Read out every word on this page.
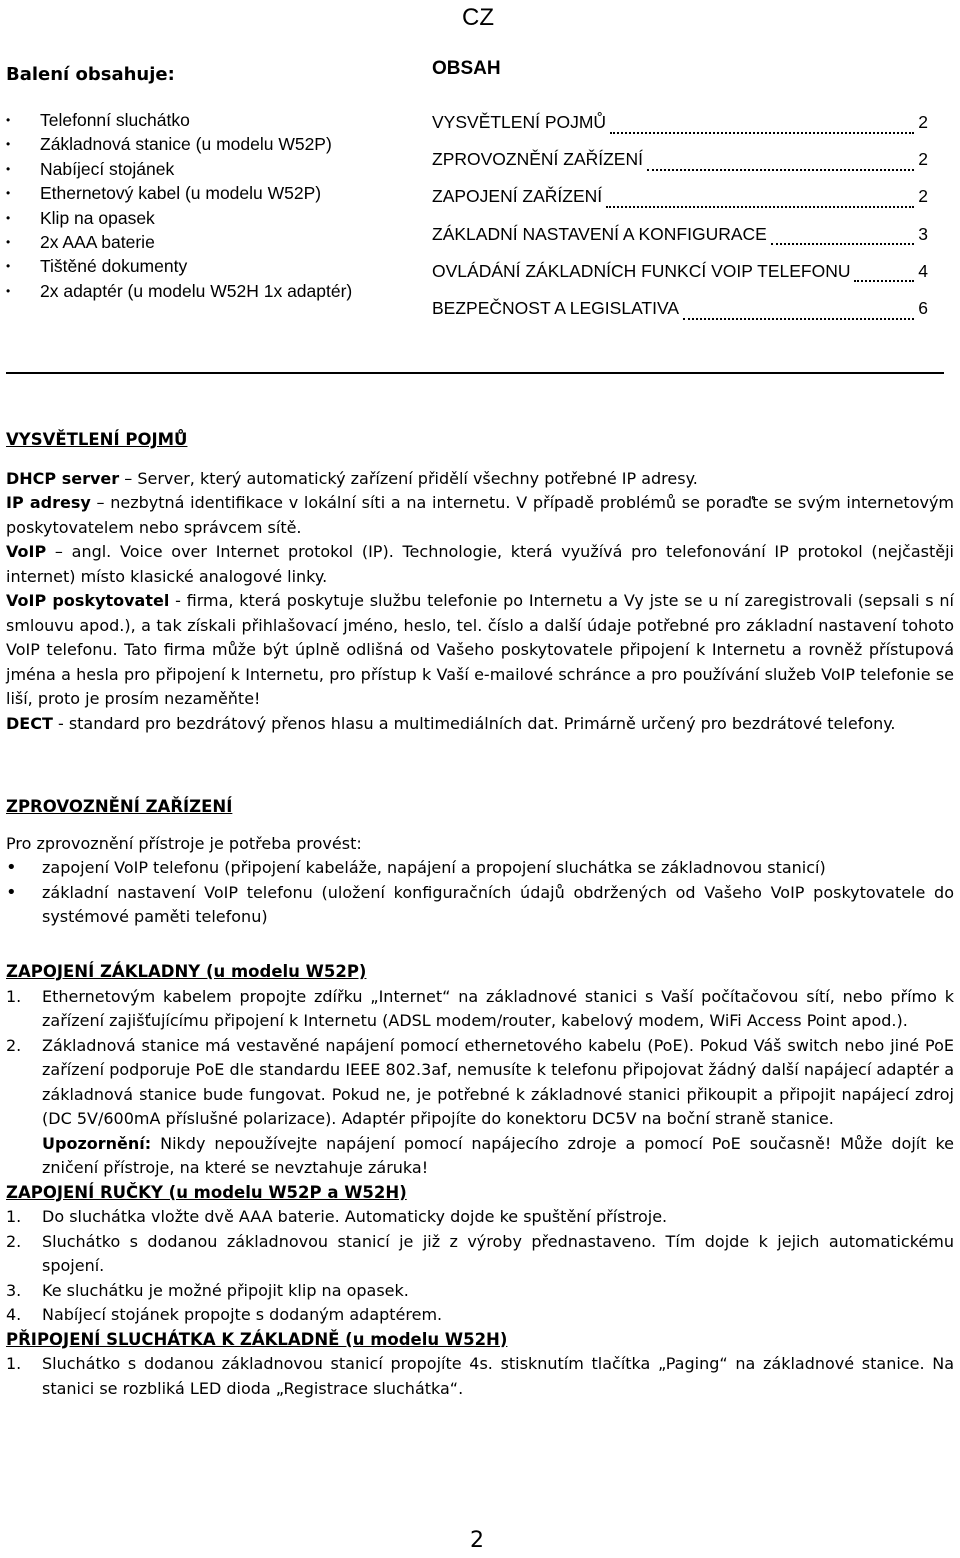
CZ
Balení obsahuje:
• Telefonní sluchátko
• Základnová stanice (u modelu W52P)
• Nabíjecí stojánek
• Ethernetový kabel (u modelu W52P)
• Klip na opasek
• 2x AAA baterie
• Tištěné dokumenty
• 2x adaptér (u modelu W52H 1x adaptér)
OBSAH
VYSVĚTLENÍ POJMŮ	2
ZPROVOZNĚNÍ ZAŘÍZENÍ	2
ZAPOJENÍ ZAŘÍZENÍ	2
ZÁKLADNÍ NASTAVENÍ A KONFIGURACE	3
OVLÁDÁNÍ ZÁKLADNÍCH FUNKCÍ VOIP TELEFONU	4
BEZPEČNOST A LEGISLATIVA	6
VYSVĚTLENÍ POJMŮ

DHCP server – Server, který automatický zařízení přidělí všechny potřebné IP adresy.

IP adresy – nezbytná identifikace v lokální síti a na internetu. V případě problémů se poraďte se svým internetovým poskytovatelem nebo správcem sítě.

VoIP – angl. Voice over Internet protokol (IP). Technologie, která využívá pro telefonování IP protokol (nejčastěji internet) místo klasické analogové linky.

VoIP poskytovatel - firma, která poskytuje službu telefonie po Internetu a Vy jste se u ní zaregistrovali (sepsali s ní smlouvu apod.), a tak získali přihlašovací jméno, heslo, tel. číslo a další údaje potřebné pro základní nastavení tohoto VoIP telefonu. Tato firma může být úplně odlišná od Vašeho poskytovatele připojení k Internetu a rovněž přístupová jména a hesla pro připojení k Internetu, pro přístup k Vaší e-mailové schránce a pro používání služeb VoIP telefonie se liší, proto je prosím nezaměňte!

DECT - standard pro bezdrátový přenos hlasu a multimediálních dat. Primárně určený pro bezdrátové telefony.

ZPROVOZNĚNÍ ZAŘÍZENÍ

Pro zprovoznění přístroje je potřeba provést:

• zapojení VoIP telefonu (připojení kabeláže, napájení a propojení sluchátka se základnovou stanicí)
• základní nastavení VoIP telefonu (uložení konfiguračních údajů obdržených od Vašeho VoIP poskytovatele do systémové paměti telefonu)
ZAPOJENÍ ZÁKLADNY (u modelu W52P)
1. Ethernetovým kabelem propojte zdířku „Internet“ na základnové stanici s Vaší počítačovou sítí, nebo přímo k zařízení zajišťujícímu připojení k Internetu (ADSL modem/router, kabelový modem, WiFi Access Point apod.).
2. Základnová stanice má vestavěné napájení pomocí ethernetového kabelu (PoE). Pokud Váš switch nebo jiné PoE zařízení podporuje PoE dle standardu IEEE 802.3af, nemusíte k telefonu připojovat žádný další napájecí adaptér a základnová stanice bude fungovat. Pokud ne, je potřebné k základnové stanici přikoupit a připojit napájecí zdroj (DC 5V/600mA příslušné polarizace). Adaptér připojíte do konektoru DC5V na boční straně stanice.
Upozornění: Nikdy nepoužívejte napájení pomocí napájecího zdroje a pomocí PoE současně! Může dojít ke zničení přístroje, na které se nevztahuje záruka!
ZAPOJENÍ RUČKY (u modelu W52P a W52H)
1. Do sluchátka vložte dvě AAA baterie. Automaticky dojde ke spuštění přístroje.
2. Sluchátko s dodanou základnovou stanicí je již z výroby přednastaveno. Tím dojde k jejich automatickému spojení.
3. Ke sluchátku je možné připojit klip na opasek.
4. Nabíjecí stojánek propojte s dodaným adaptérem.
PŘIPOJENÍ SLUCHÁTKA K ZÁKLADNĚ (u modelu W52H)
1. Sluchátko s dodanou základnovou stanicí propojíte 4s. stisknutím tlačítka „Paging“ na základnové stanice. Na stanici se rozbliká LED dioda „Registrace sluchátka“.
2
